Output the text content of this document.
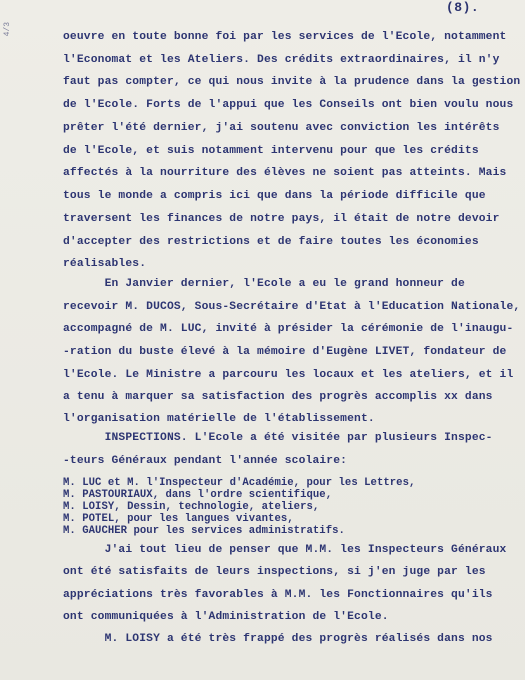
(8).
4/3
oeuvre en toute bonne foi par les services de l'Ecole, notamment
l'Economat et les Ateliers. Des crédits extraordinaires, il n'y
faut pas compter, ce qui nous invite à la prudence dans la gestion
de l'Ecole. Forts de l'appui que les Conseils ont bien voulu nous
prêter l'été dernier, j'ai soutenu avec conviction les intérêts
de l'Ecole, et suis notamment intervenu pour que les crédits
affectés à la nourriture des élèves ne soient pas atteints. Mais
tous le monde a compris ici que dans la période difficile que
traversent les finances de notre pays, il était de notre devoir
d'accepter des restrictions et de faire toutes les économies
réalisables.
En Janvier dernier, l'Ecole a eu le grand honneur de
recevoir M. DUCOS, Sous-Secrétaire d'Etat à l'Education Nationale,
accompagné de M. LUC, invité à présider la cérémonie de l'inaugu-
-ration du buste élevé à la mémoire d'Eugène LIVET, fondateur de
l'Ecole. Le Ministre a parcouru les locaux et les ateliers, et il
a tenu à marquer sa satisfaction des progrès accomplis xx dans
l'organisation matérielle de l'établissement.
INSPECTIONS. L'Ecole a été visitée par plusieurs Inspec-
-teurs Généraux pendant l'année scolaire:
M. LUC et M. l'Inspecteur d'Académie, pour les Lettres,
M. PASTOURIAUX, dans l'ordre scientifique,
M. LOISY, Dessin, technologie, ateliers,
M. POTEL, pour les langues vivantes,
M. GAUCHER pour les services administratifs.
J'ai tout lieu de penser que M.M. les Inspecteurs Généraux
ont été satisfaits de leurs inspections, si j'en juge par les
appréciations très favorables à M.M. les Fonctionnaires qu'ils
ont communiquées à l'Administration de l'Ecole.
M. LOISY a été très frappé des progrès réalisés dans nos
